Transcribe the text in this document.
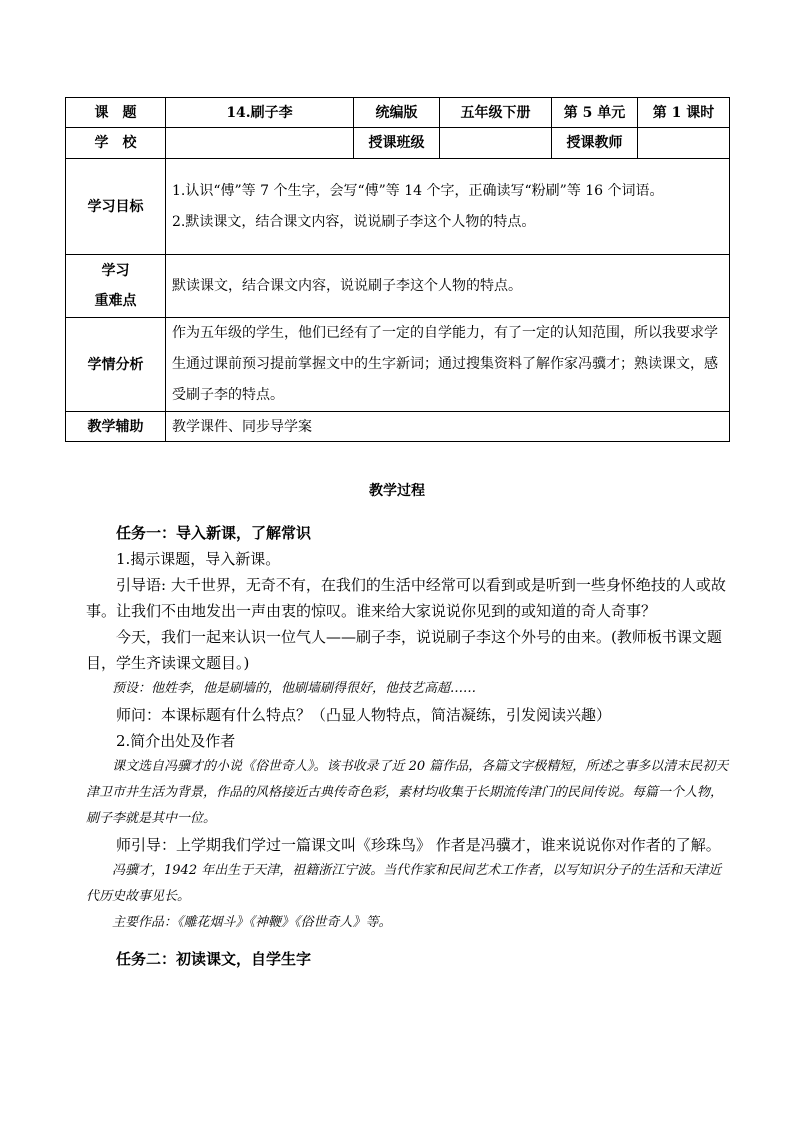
课　题	14.刷子李	统编版	五年级下册	第 5 单元	第 1 课时
学　校		授课班级		授课教师	
学习目标	1.认识“傅”等 7 个生字，会写“傅”等 14 个字，正确读写“粉刷”等 16 个词语。

2.默读课文，结合课文内容，说说刷子李这个人物的特点。				

学习
重难点	默读课文，结合课文内容，说说刷子李这个人物的特点。				

学情分析	作为五年级的学生，他们已经有了一定的自学能力，有了一定的认知范围，所以我要求学生通过课前预习提前掌握文中的生字新词；通过搜集资料了解作家冯骥才；熟读课文，感受刷子李的特点。				

教学辅助	教学课件、同步导学案				
教学过程

任务一：导入新课，了解常识

1.揭示课题，导入新课。

引导语: 大千世界，无奇不有，在我们的生活中经常可以看到或是听到一些身怀绝技的人或故事。让我们不由地发出一声由衷的惊叹。谁来给大家说说你见到的或知道的奇人奇事？

今天，我们一起来认识一位气人——刷子李，说说刷子李这个外号的由来。(教师板书课文题目，学生齐读课文题目。)

预设：他姓李，他是刷墙的，他刷墙刷得很好，他技艺高超……

师问：本课标题有什么特点？（凸显人物特点，简洁凝练，引发阅读兴趣）

2.简介出处及作者

课文选自冯骥才的小说《俗世奇人》。该书收录了近 20 篇作品，各篇文字极精短，所述之事多以清末民初天津卫市井生活为背景，作品的风格接近古典传奇色彩，素材均收集于长期流传津门的民间传说。每篇一个人物，刷子李就是其中一位。

师引导：上学期我们学过一篇课文叫《珍珠鸟》 作者是冯骥才，谁来说说你对作者的了解。

冯骥才，1942 年出生于天津，祖籍浙江宁波。当代作家和民间艺术工作者，以写知识分子的生活和天津近代历史故事见长。

主要作品：《雕花烟斗》《神鞭》《俗世奇人》等。

任务二：初读课文，自学生字
